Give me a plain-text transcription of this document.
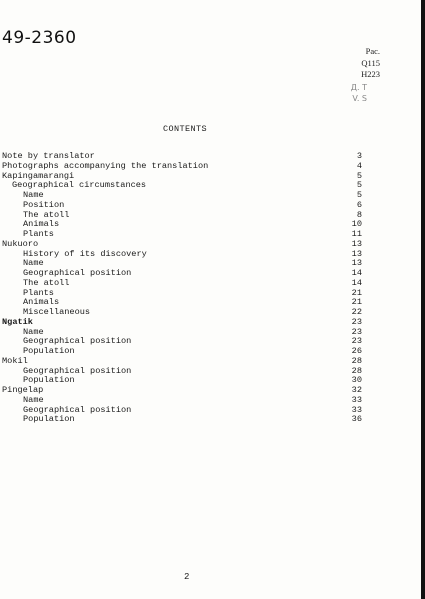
49-2360
Pac.
Q115
H223
Д. Т
V. S
CONTENTS
Note by translator	3
Photographs accompanying the translation	4
Kapingamarangi	5
Geographical circumstances	5
Name	5
Position	6
The atoll	8
Animals	10
Plants	11
Nukuoro	13
History of its discovery	13
Name	13
Geographical position	14
The atoll	14
Plants	21
Animals	21
Miscellaneous	22
Ngatik	23
Name	23
Geographical position	23
Population	26
Mokil	28
Geographical position	28
Population	30
Pingelap	32
Name	33
Geographical position	33
Population	36
2
